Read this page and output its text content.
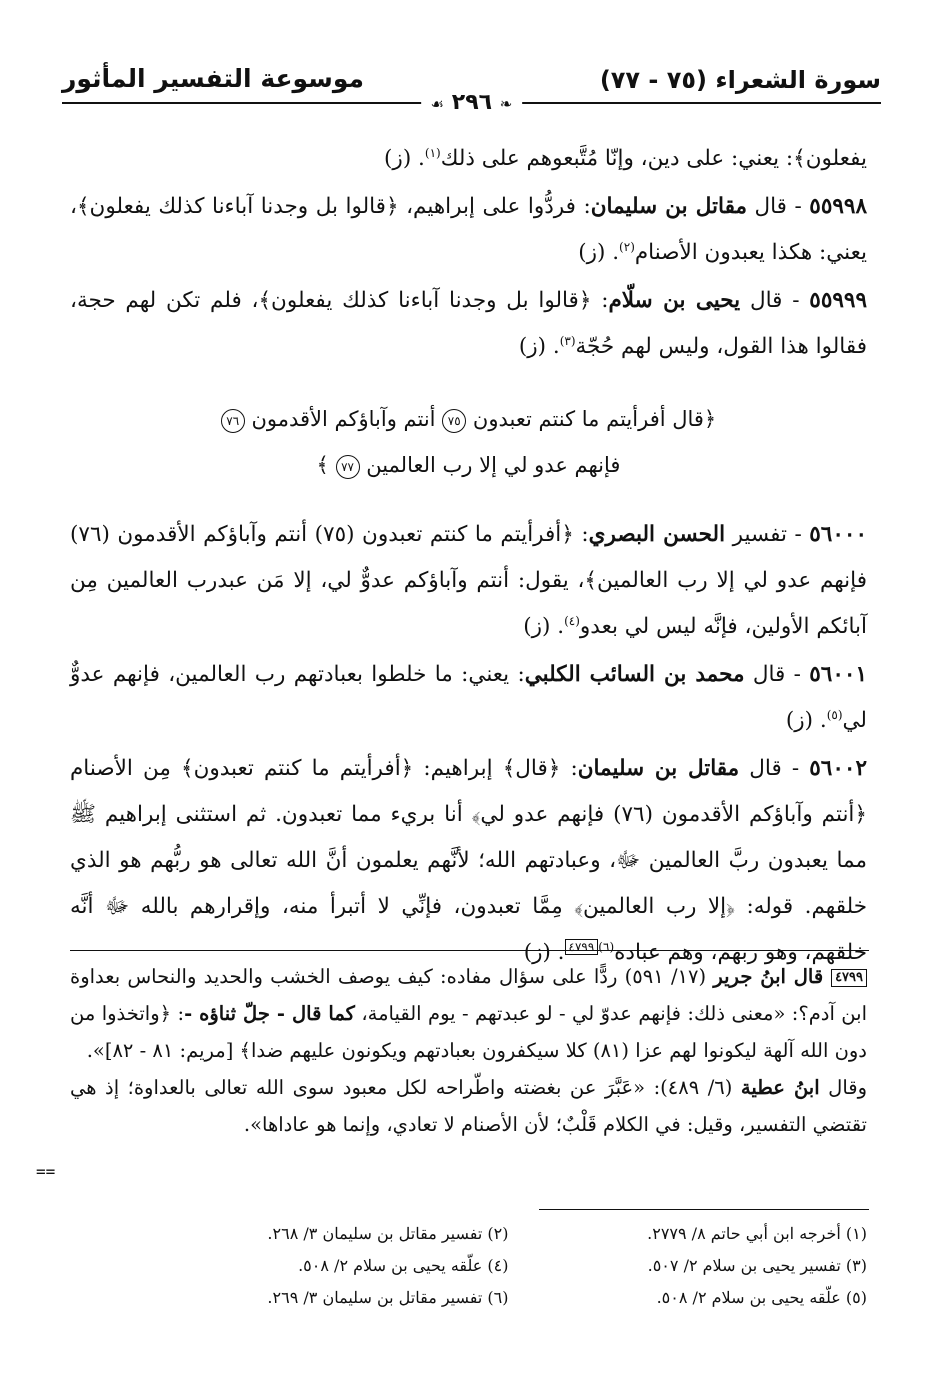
سورة الشعراء (٧٥ - ٧٧)
موسوعة التفسير المأثور
❧ ٢٩٦ ☙
يفعلون﴾: يعني: على دين، وإنّا مُتَّبعوهم على ذلك$^{(١)}$. (ز)
٥٥٩٩٨ - قال مقاتل بن سليمان: فردُّوا على إبراهيم، ﴿قالوا بل وجدنا آباءنا كذلك يفعلون﴾، يعني: هكذا يعبدون الأصنام$^{(٢)}$. (ز)
٥٥٩٩٩ - قال يحيى بن سلّام: ﴿قالوا بل وجدنا آباءنا كذلك يفعلون﴾، فلم تكن لهم حجة، فقالوا هذا القول، وليس لهم حُجّة$^{(٣)}$. (ز)
﴿قال أفرأيتم ما كنتم تعبدون ٧٥ أنتم وآباؤكم الأقدمون ٧٦
فإنهم عدو لي إلا رب العالمين ٧٧ ﴾
٥٦٠٠٠ - تفسير الحسن البصري: ﴿أفرأيتم ما كنتم تعبدون (٧٥) أنتم وآباؤكم الأقدمون (٧٦) فإنهم عدو لي إلا رب العالمين﴾، يقول: أنتم وآباؤكم عدوٌّ لي، إلا مَن عبدرب العالمين مِن آبائكم الأولين، فإنَّه ليس لي بعدو$^{(٤)}$. (ز)
٥٦٠٠١ - قال محمد بن السائب الكلبي: يعني: ما خلطوا بعبادتهم رب العالمين، فإنهم عدوٌّ لي$^{(٥)}$. (ز)
٥٦٠٠٢ - قال مقاتل بن سليمان: ﴿قال﴾ إبراهيم: ﴿أفرأيتم ما كنتم تعبدون﴾ مِن الأصنام ﴿أنتم وآباؤكم الأقدمون (٧٦) فإنهم عدو لي﴾ أنا بريء مما تعبدون. ثم استثنى إبراهيم ﷺ مما يعبدون ربَّ العالمين ﷻ، وعبادتهم الله؛ لأنَّهم يعلمون أنَّ الله تعالى هو ربُّهم هو الذي خلقهم. قوله: ﴿إلا رب العالمين﴾ مِمَّا تعبدون، فإنِّي لا أتبرأ منه، وإقرارهم بالله ﷻ أنَّه خلقهم، وهو ربهم، وهم عباده$^{(٦)}$٤٧٩٩. (ز)
٤٧٩٩ قال ابنُ جرير (١٧/ ٥٩١) ردًّا على سؤال مفاده: كيف يوصف الخشب والحديد والنحاس بعداوة ابن آدم؟: «معنى ذلك: فإنهم عدوّ لي - لو عبدتهم - يوم القيامة، كما قال - جلّ ثناؤه -: ﴿واتخذوا من دون الله آلهة ليكونوا لهم عزا (٨١) كلا سيكفرون بعبادتهم ويكونون عليهم ضدا﴾ [مريم: ٨١ - ٨٢]».
وقال ابنُ عطية (٦/ ٤٨٩): «عَبَّرَ عن بغضته واطّراحه لكل معبود سوى الله تعالى بالعداوة؛ إذ هي تقتضي التفسير، وقيل: في الكلام قَلْبٌ؛ لأن الأصنام لا تعادي، وإنما هو عاداها».
==
(١) أخرجه ابن أبي حاتم ٨/ ٢٧٧٩.
(٢) تفسير مقاتل بن سليمان ٣/ ٢٦٨.
(٣) تفسير يحيى بن سلام ٢/ ٥٠٧.
(٤) علّقه يحيى بن سلام ٢/ ٥٠٨.
(٥) علّقه يحيى بن سلام ٢/ ٥٠٨.
(٦) تفسير مقاتل بن سليمان ٣/ ٢٦٩.
